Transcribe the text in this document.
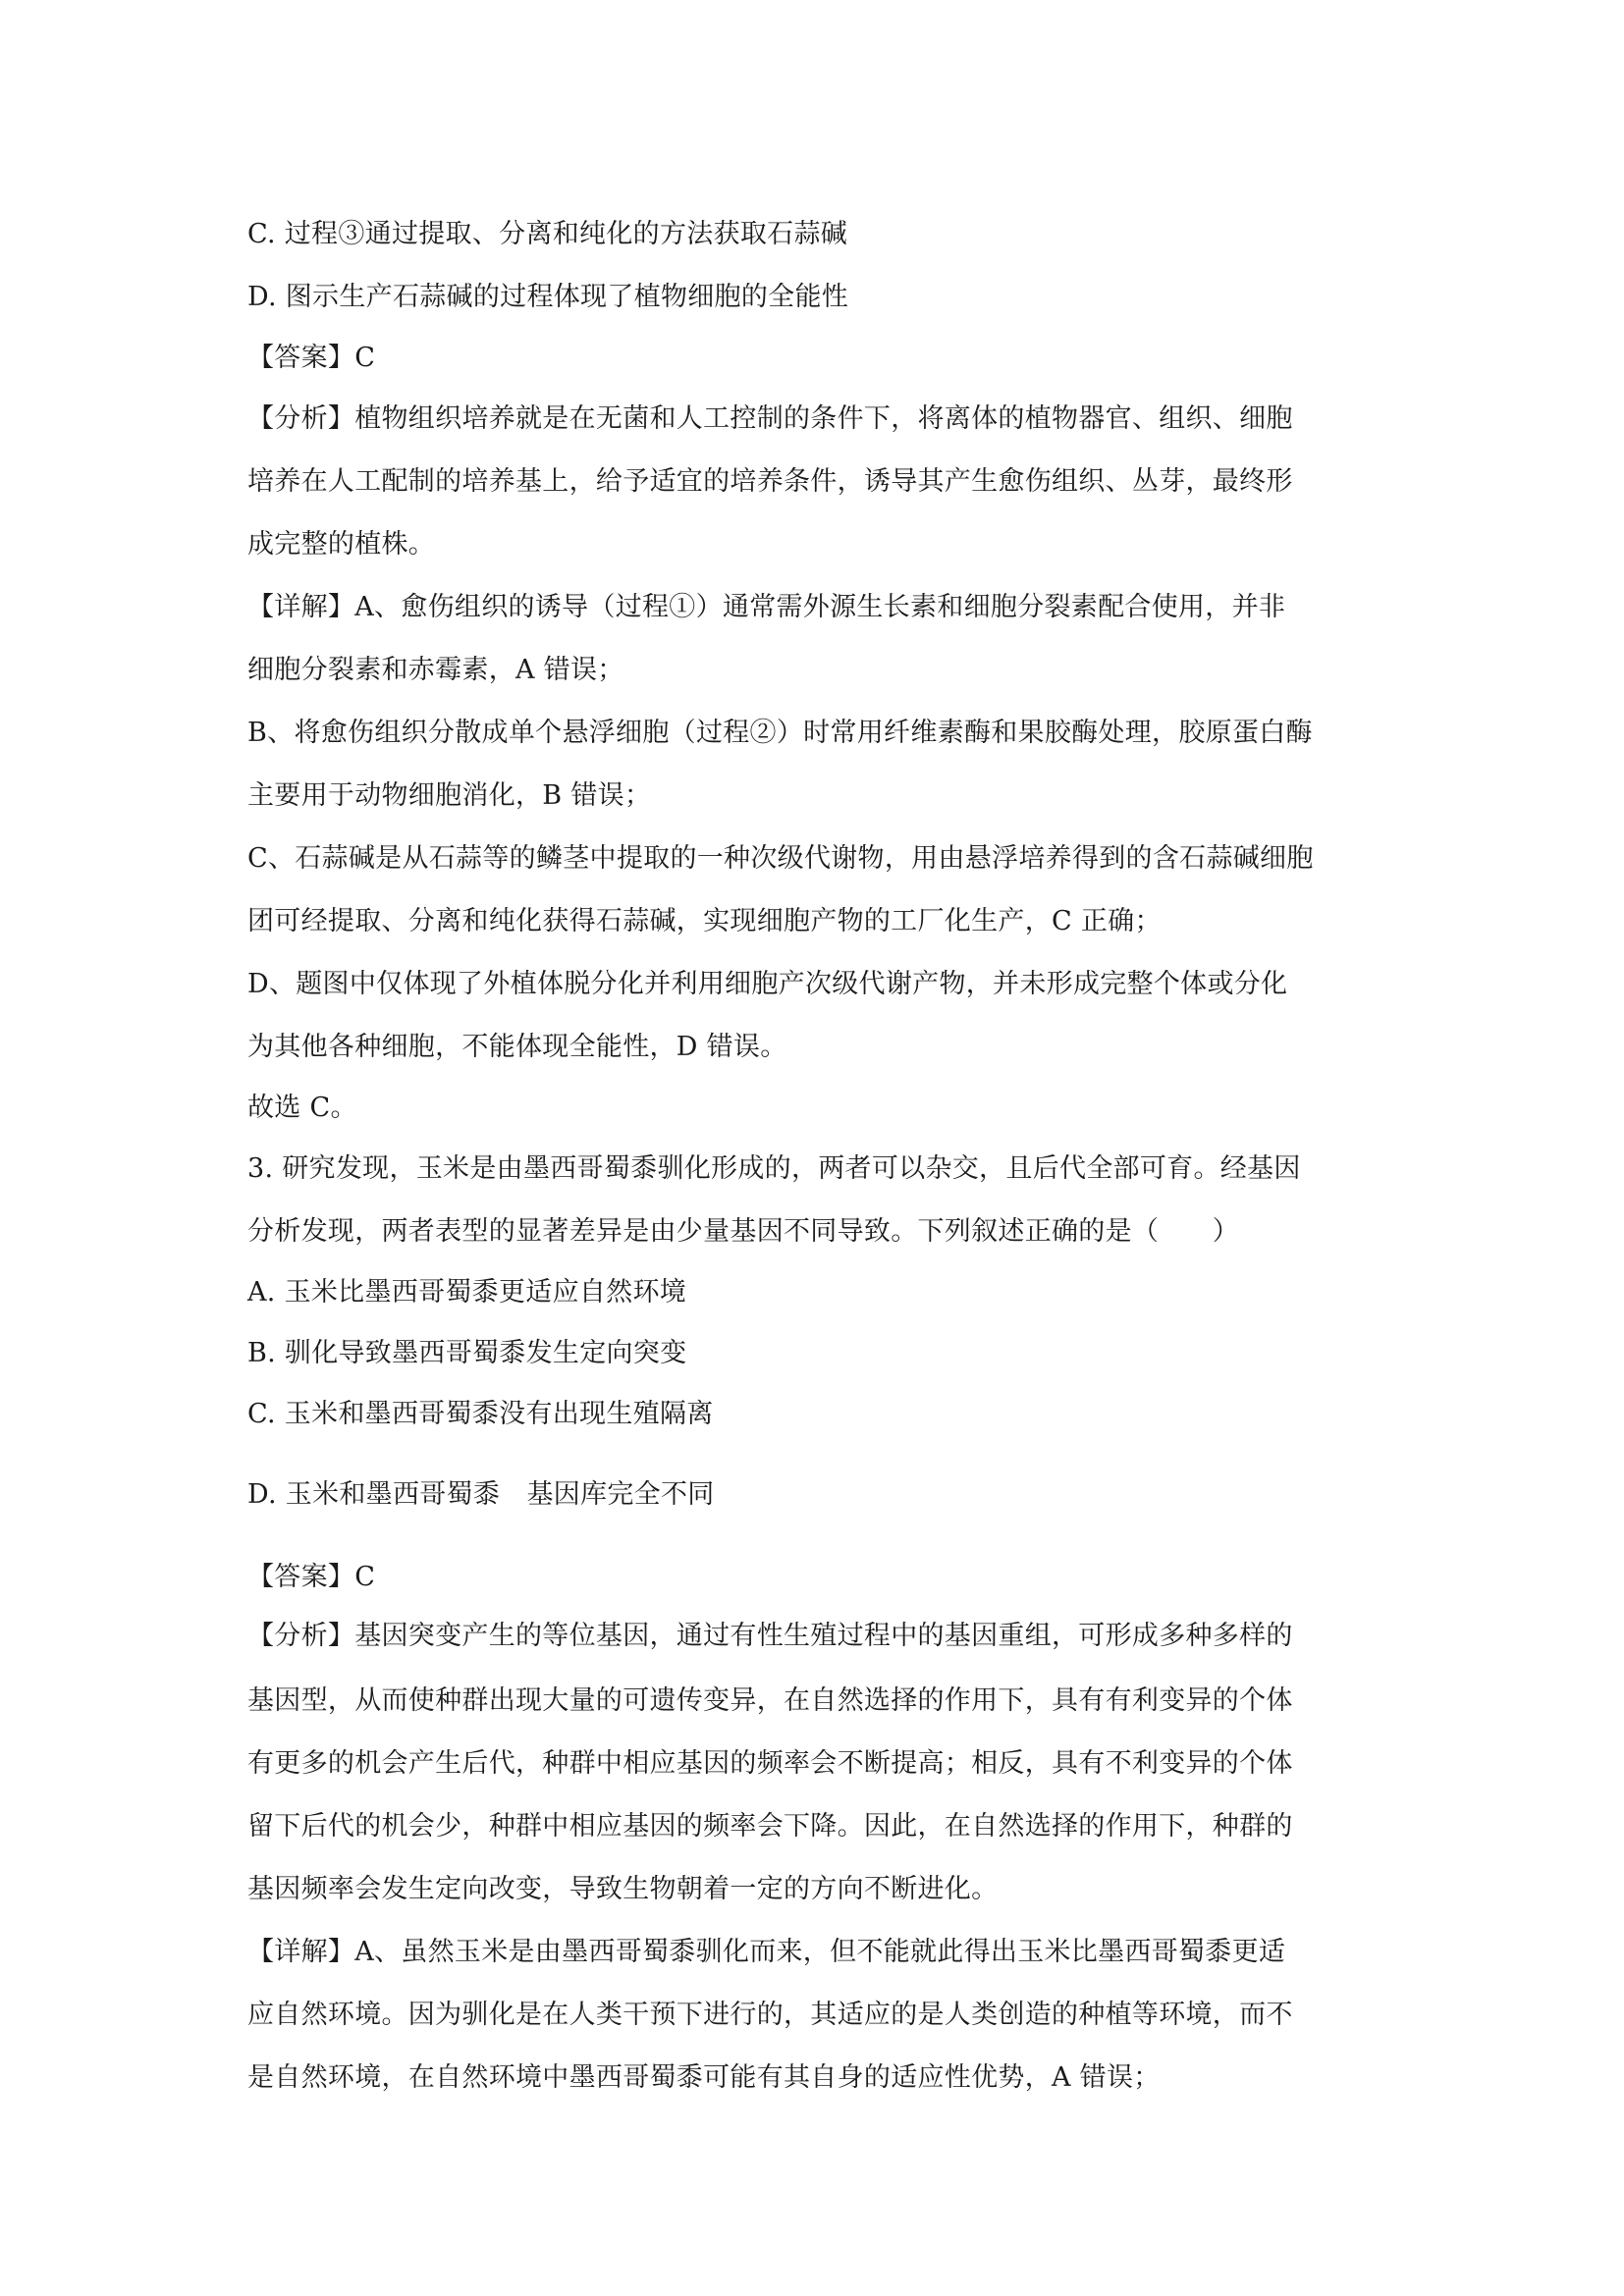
C. 过程③通过提取、分离和纯化的方法获取石蒜碱
D. 图示生产石蒜碱的过程体现了植物细胞的全能性
【答案】C
【分析】植物组织培养就是在无菌和人工控制的条件下，将离体的植物器官、组织、细胞
培养在人工配制的培养基上，给予适宜的培养条件，诱导其产生愈伤组织、丛芽，最终形
成完整的植株。
【详解】A、愈伤组织的诱导（过程①）通常需外源生长素和细胞分裂素配合使用，并非
细胞分裂素和赤霉素，A 错误；
B、将愈伤组织分散成单个悬浮细胞（过程②）时常用纤维素酶和果胶酶处理，胶原蛋白酶
主要用于动物细胞消化，B 错误；
C、石蒜碱是从石蒜等的鳞茎中提取的一种次级代谢物，用由悬浮培养得到的含石蒜碱细胞
团可经提取、分离和纯化获得石蒜碱，实现细胞产物的工厂化生产，C 正确；
D、题图中仅体现了外植体脱分化并利用细胞产次级代谢产物，并未形成完整个体或分化
为其他各种细胞，不能体现全能性，D 错误。
故选 C。
3. 研究发现，玉米是由墨西哥蜀黍驯化形成的，两者可以杂交，且后代全部可育。经基因
分析发现，两者表型的显著差异是由少量基因不同导致。下列叙述正确的是（　　）
A. 玉米比墨西哥蜀黍更适应自然环境
B. 驯化导致墨西哥蜀黍发生定向突变
C. 玉米和墨西哥蜀黍没有出现生殖隔离
D. 玉米和墨西哥蜀黍　基因库完全不同
【答案】C
【分析】基因突变产生的等位基因，通过有性生殖过程中的基因重组，可形成多种多样的
基因型，从而使种群出现大量的可遗传变异，在自然选择的作用下，具有有利变异的个体
有更多的机会产生后代，种群中相应基因的频率会不断提高；相反，具有不利变异的个体
留下后代的机会少，种群中相应基因的频率会下降。因此，在自然选择的作用下，种群的
基因频率会发生定向改变，导致生物朝着一定的方向不断进化。
【详解】A、虽然玉米是由墨西哥蜀黍驯化而来，但不能就此得出玉米比墨西哥蜀黍更适
应自然环境。因为驯化是在人类干预下进行的，其适应的是人类创造的种植等环境，而不
是自然环境，在自然环境中墨西哥蜀黍可能有其自身的适应性优势，A 错误；
